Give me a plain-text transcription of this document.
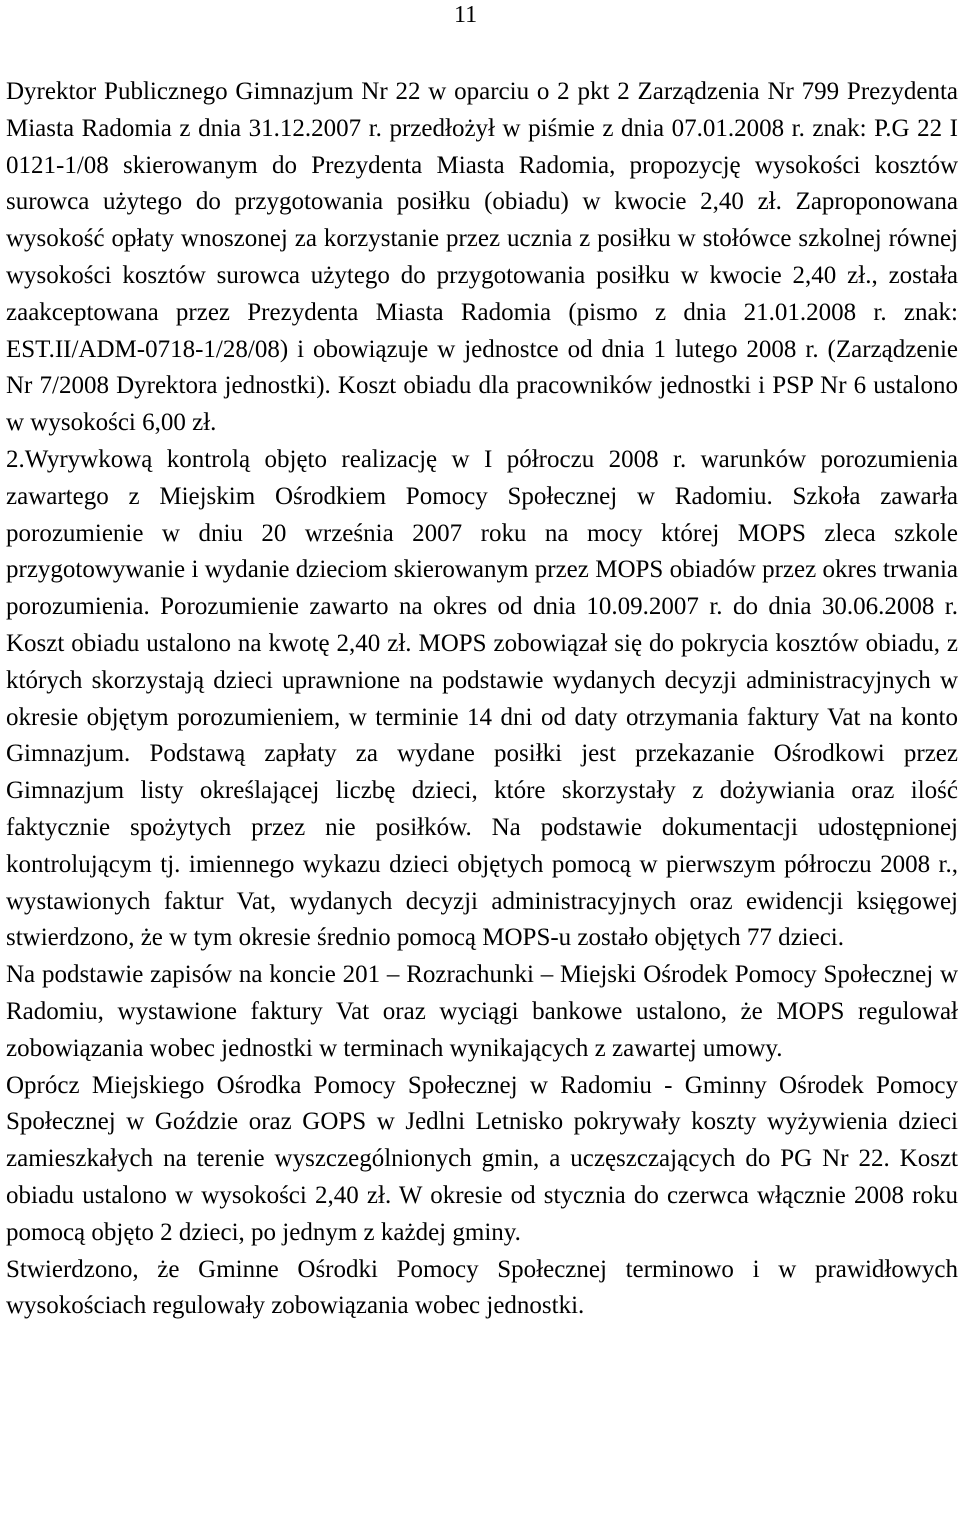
11

Dyrektor Publicznego Gimnazjum Nr 22 w oparciu o 2 pkt 2 Zarządzenia Nr 799 Prezydenta Miasta Radomia z dnia 31.12.2007 r. przedłożył w piśmie z dnia 07.01.2008 r. znak: P.G 22 I 0121-1/08 skierowanym do Prezydenta Miasta Radomia, propozycję wysokości kosztów surowca użytego do przygotowania posiłku (obiadu) w kwocie 2,40 zł. Zaproponowana wysokość opłaty wnoszonej za korzystanie przez ucznia z posiłku w stołówce szkolnej równej wysokości kosztów surowca użytego do przygotowania posiłku w kwocie 2,40 zł., została zaakceptowana przez Prezydenta Miasta Radomia (pismo z dnia 21.01.2008 r. znak: EST.II/ADM-0718-1/28/08) i obowiązuje w jednostce od dnia 1 lutego 2008 r. (Zarządzenie Nr 7/2008 Dyrektora jednostki). Koszt obiadu dla pracowników jednostki i PSP Nr 6 ustalono w wysokości 6,00 zł.

2.Wyrywkową kontrolą objęto realizację w I półroczu 2008 r. warunków porozumienia zawartego z Miejskim Ośrodkiem Pomocy Społecznej w Radomiu. Szkoła zawarła porozumienie w dniu 20 września 2007 roku na mocy której MOPS zleca szkole przygotowywanie i wydanie dzieciom skierowanym przez MOPS obiadów przez okres trwania porozumienia. Porozumienie zawarto na okres od dnia 10.09.2007 r. do dnia 30.06.2008 r. Koszt obiadu ustalono na kwotę 2,40 zł. MOPS zobowiązał się do pokrycia kosztów obiadu, z których skorzystają dzieci uprawnione na podstawie wydanych decyzji administracyjnych w okresie objętym porozumieniem, w terminie 14 dni od daty otrzymania faktury Vat na konto Gimnazjum. Podstawą zapłaty za wydane posiłki jest przekazanie Ośrodkowi przez Gimnazjum listy określającej liczbę dzieci, które skorzystały z dożywiania oraz ilość faktycznie spożytych przez nie posiłków. Na podstawie dokumentacji udostępnionej kontrolującym tj. imiennego wykazu dzieci objętych pomocą w pierwszym półroczu 2008 r., wystawionych faktur Vat, wydanych decyzji administracyjnych oraz ewidencji księgowej stwierdzono, że w tym okresie średnio pomocą MOPS-u zostało objętych 77 dzieci.

Na podstawie zapisów na koncie 201 – Rozrachunki – Miejski Ośrodek Pomocy Społecznej w Radomiu, wystawione faktury Vat oraz wyciągi bankowe ustalono, że MOPS regulował zobowiązania wobec jednostki w terminach wynikających z zawartej umowy.

Oprócz Miejskiego Ośrodka Pomocy Społecznej w Radomiu - Gminny Ośrodek Pomocy Społecznej w Goździe oraz GOPS w Jedlni Letnisko pokrywały koszty wyżywienia dzieci zamieszkałych na terenie wyszczególnionych gmin, a uczęszczających do PG Nr 22. Koszt obiadu ustalono w wysokości 2,40 zł. W okresie od stycznia do czerwca włącznie 2008 roku pomocą objęto 2 dzieci, po jednym z każdej gminy.

Stwierdzono, że Gminne Ośrodki Pomocy Społecznej terminowo i w prawidłowych wysokościach regulowały zobowiązania wobec jednostki.
